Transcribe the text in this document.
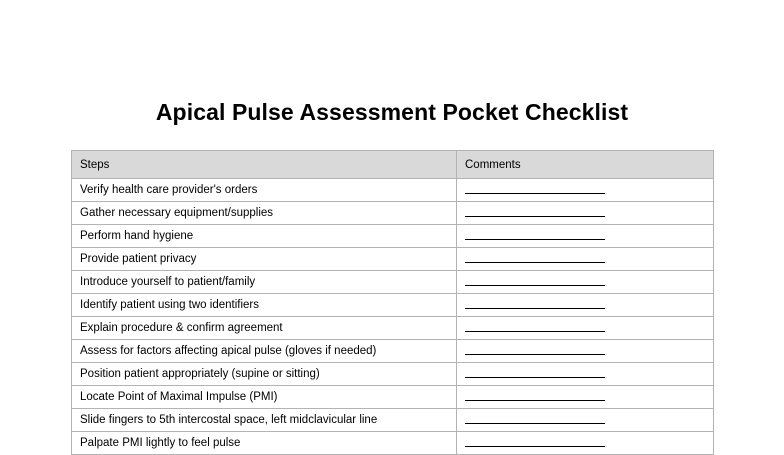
Apical Pulse Assessment Pocket Checklist
Steps	Comments
Verify health care provider's orders	
Gather necessary equipment/supplies	
Perform hand hygiene	
Provide patient privacy	
Introduce yourself to patient/family	
Identify patient using two identifiers	
Explain procedure & confirm agreement	
Assess for factors affecting apical pulse (gloves if needed)	
Position patient appropriately (supine or sitting)	
Locate Point of Maximal Impulse (PMI)	
Slide fingers to 5th intercostal space, left midclavicular line	
Palpate PMI lightly to feel pulse	
